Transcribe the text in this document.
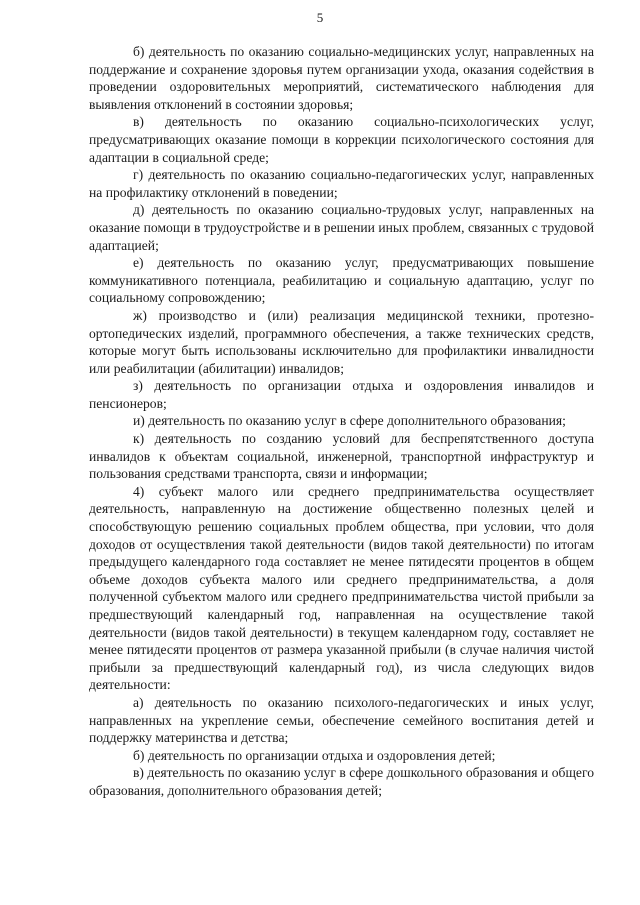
5

б) деятельность по оказанию социально-медицинских услуг, направленных на поддержание и сохранение здоровья путем организации ухода, оказания содействия в проведении оздоровительных мероприятий, систематического наблюдения для выявления отклонений в состоянии здоровья;

в) деятельность по оказанию социально-психологических услуг, предусматривающих оказание помощи в коррекции психологического состояния для адаптации в социальной среде;

г) деятельность по оказанию социально-педагогических услуг, направленных на профилактику отклонений в поведении;

д) деятельность по оказанию социально-трудовых услуг, направленных на оказание помощи в трудоустройстве и в решении иных проблем, связанных с трудовой адаптацией;

е) деятельность по оказанию услуг, предусматривающих повышение коммуникативного потенциала, реабилитацию и социальную адаптацию, услуг по социальному сопровождению;

ж) производство и (или) реализация медицинской техники, протезно-ортопедических изделий, программного обеспечения, а также технических средств, которые могут быть использованы исключительно для профилактики инвалидности или реабилитации (абилитации) инвалидов;

з) деятельность по организации отдыха и оздоровления инвалидов и пенсионеров;

и) деятельность по оказанию услуг в сфере дополнительного образования;

к) деятельность по созданию условий для беспрепятственного доступа инвалидов к объектам социальной, инженерной, транспортной инфраструктур и пользования средствами транспорта, связи и информации;

4) субъект малого или среднего предпринимательства осуществляет деятельность, направленную на достижение общественно полезных целей и способствующую решению социальных проблем общества, при условии, что доля доходов от осуществления такой деятельности (видов такой деятельности) по итогам предыдущего календарного года составляет не менее пятидесяти процентов в общем объеме доходов субъекта малого или среднего предпринимательства, а доля полученной субъектом малого или среднего предпринимательства чистой прибыли за предшествующий календарный год, направленная на осуществление такой деятельности (видов такой деятельности) в текущем календарном году, составляет не менее пятидесяти процентов от размера указанной прибыли (в случае наличия чистой прибыли за предшествующий календарный год), из числа следующих видов деятельности:

а) деятельность по оказанию психолого-педагогических и иных услуг, направленных на укрепление семьи, обеспечение семейного воспитания детей и поддержку материнства и детства;

б) деятельность по организации отдыха и оздоровления детей;

в) деятельность по оказанию услуг в сфере дошкольного образования и общего образования, дополнительного образования детей;
